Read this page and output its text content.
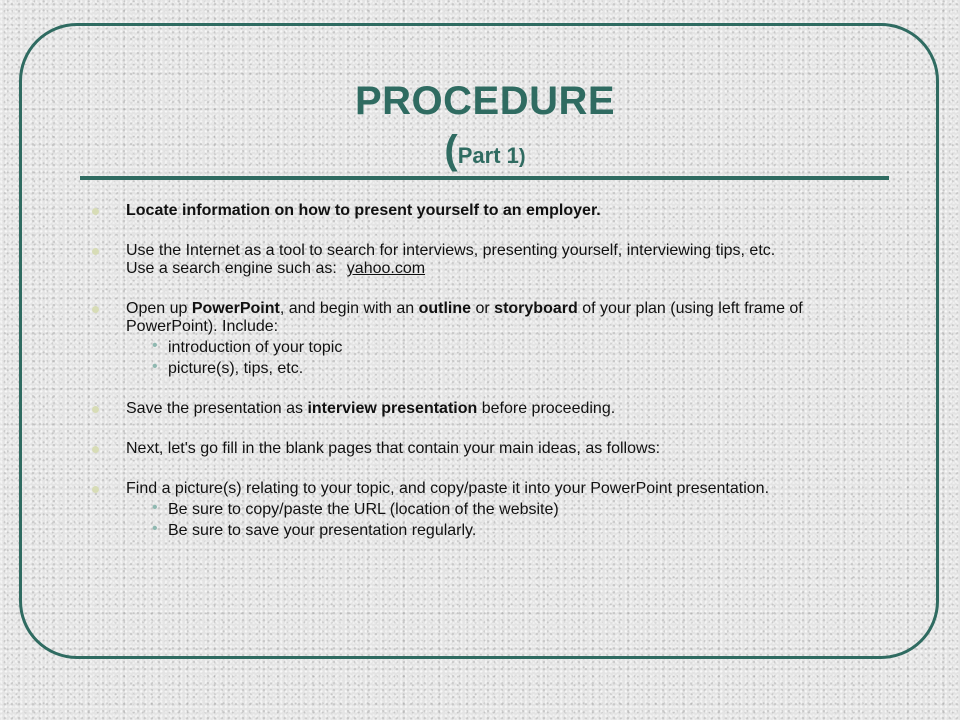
PROCEDURE
(Part 1)
Locate information on how to present yourself to an employer.
Use the Internet as a tool to search for interviews, presenting yourself, interviewing tips, etc.
Use a search engine such as: yahoo.com
Open up PowerPoint, and begin with an outline or storyboard of your plan (using left frame of PowerPoint). Include:
• introduction of your topic
• picture(s), tips, etc.
Save the presentation as interview presentation before proceeding.
Next, let's go fill in the blank pages that contain your main ideas, as follows:
Find a picture(s) relating to your topic, and copy/paste it into your PowerPoint presentation.
• Be sure to copy/paste the URL (location of the website)
• Be sure to save your presentation regularly.
